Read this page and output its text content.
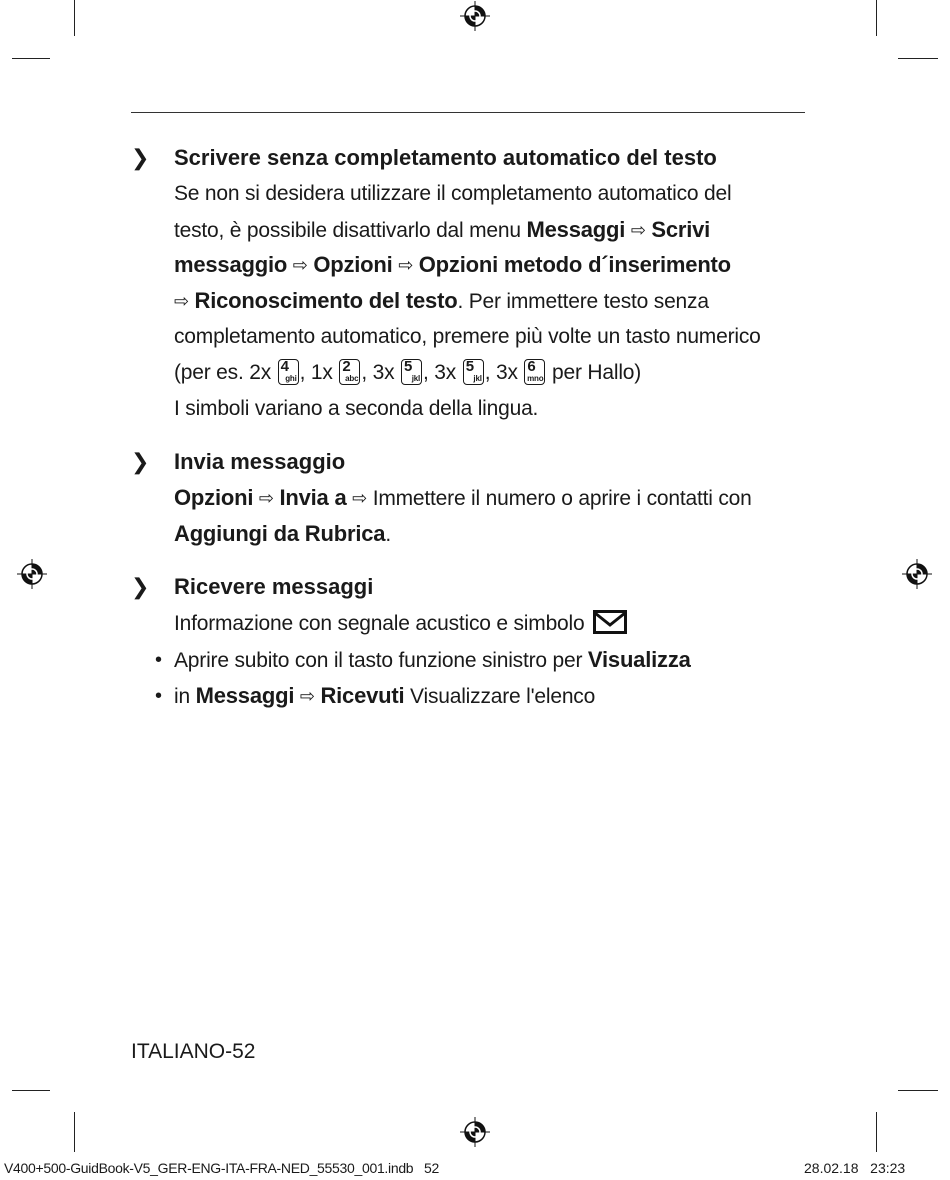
❯ Scrivere senza completamento automatico del testo
Se non si desidera utilizzare il completamento automatico del
testo, è possibile disattivarlo dal menu Messaggi ⇨ Scrivi
messaggio ⇨ Opzioni ⇨ Opzioni metodo d´inserimento
⇨ Riconoscimento del testo. Per immettere testo senza
completamento automatico, premere più volte un tasto numerico
(per es. 2x 4
ghi , 1x 2
abc , 3x 5
jkl , 3x 5
jkl , 3x 6
mno per Hallo)
I simboli variano a seconda della lingua.
❯ Invia messaggio
Opzioni ⇨ Invia a ⇨ Immettere il numero o aprire i contatti con
Aggiungi da Rubrica.
❯ Ricevere messaggi
Informazione con segnale acustico e simbolo
• Aprire subito con il tasto funzione sinistro per Visualizza
• in Messaggi ⇨ Ricevuti Visualizzare l'elenco
ITALIANO-52
V400+500-GuidBook-V5_GER-ENG-ITA-FRA-NED_55530_001.indb   52	28.02.18   23:23
